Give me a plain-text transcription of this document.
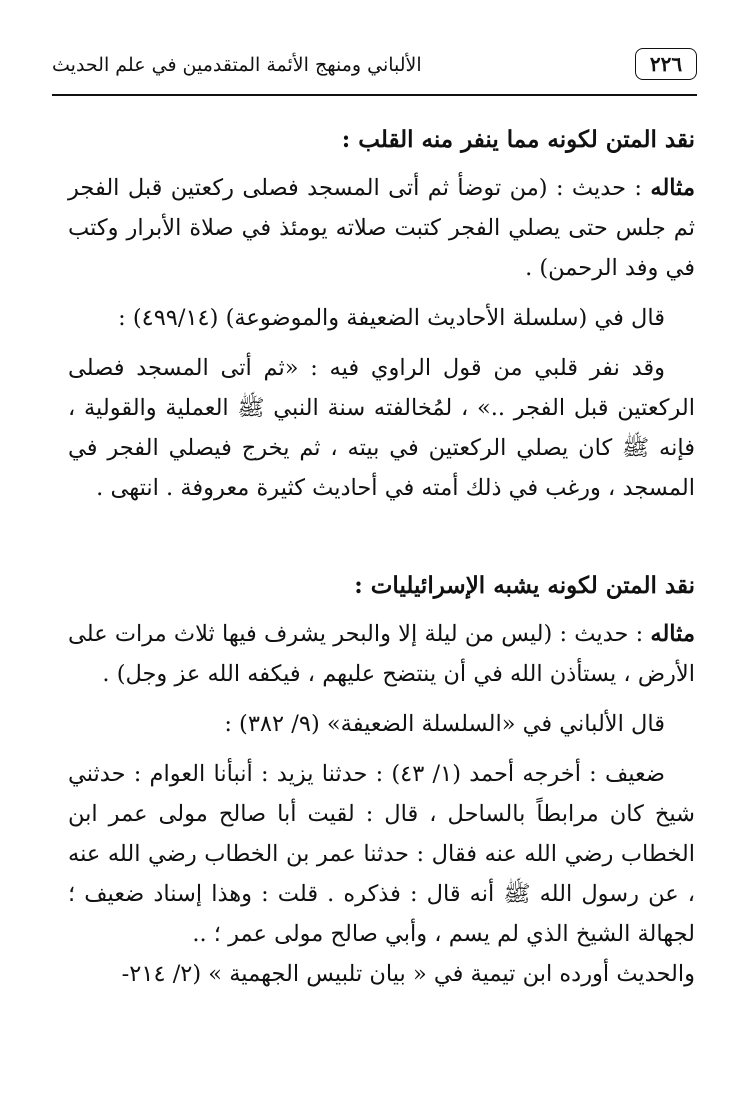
٢٢٦
الألباني ومنهج الأئمة المتقدمين في علم الحديث

نقد المتن لكونه مما ينفر منه القلب :

مثاله : حديث : (من توضأ ثم أتى المسجد فصلى ركعتين قبل الفجر ثم جلس حتى يصلي الفجر كتبت صلاته يومئذ في صلاة الأبرار وكتب في وفد الرحمن) .

قال في (سلسلة الأحاديث الضعيفة والموضوعة) (٤٩٩/١٤) :

وقد نفر قلبي من قول الراوي فيه : «ثم أتى المسجد فصلى الركعتين قبل الفجر ..» ، لمُخالفته سنة النبي ﷺ العملية والقولية ، فإنه ﷺ كان يصلي الركعتين في بيته ، ثم يخرج فيصلي الفجر في المسجد ، ورغب في ذلك أمته في أحاديث كثيرة معروفة . انتهى .

نقد المتن لكونه يشبه الإسرائيليات :

مثاله : حديث : (ليس من ليلة إلا والبحر يشرف فيها ثلاث مرات على الأرض ، يستأذن الله في أن ينتضح عليهم ، فيكفه الله عز وجل) .

قال الألباني في «السلسلة الضعيفة» (٩/ ٣٨٢) :

ضعيف : أخرجه أحمد (١/ ٤٣) : حدثنا يزيد : أنبأنا العوام : حدثني شيخ كان مرابطاً بالساحل ، قال : لقيت أبا صالح مولى عمر ابن الخطاب رضي الله عنه فقال : حدثنا عمر بن الخطاب رضي الله عنه ، عن رسول الله ﷺ أنه قال : فذكره . قلت : وهذا إسناد ضعيف ؛ لجهالة الشيخ الذي لم يسم ، وأبي صالح مولى عمر ؛ ..

والحديث أورده ابن تيمية في « بيان تلبيس الجهمية » (٢/ ٢١٤-
